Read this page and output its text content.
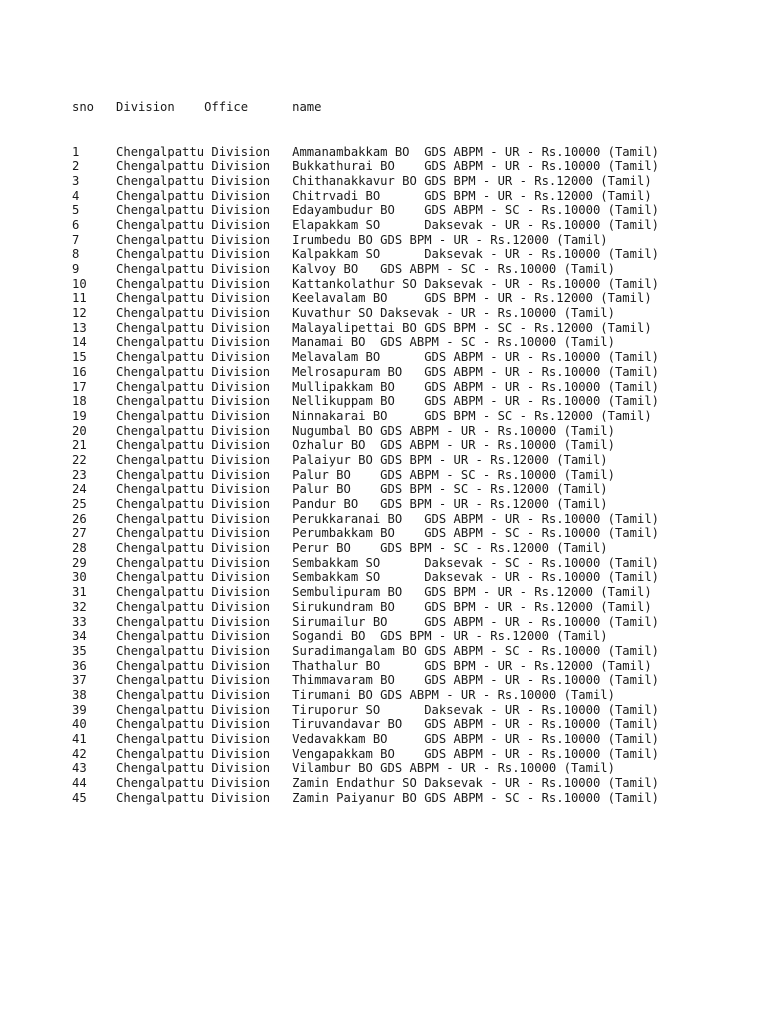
sno   Division    Office      name

1     Chengalpattu Division   Ammanambakkam BO  GDS ABPM - UR - Rs.10000 (Tamil)
2     Chengalpattu Division   Bukkathurai BO    GDS ABPM - UR - Rs.10000 (Tamil)
3     Chengalpattu Division   Chithanakkavur BO GDS BPM - UR - Rs.12000 (Tamil)
4     Chengalpattu Division   Chitrvadi BO      GDS BPM - UR - Rs.12000 (Tamil)
5     Chengalpattu Division   Edayambudur BO    GDS ABPM - SC - Rs.10000 (Tamil)
6     Chengalpattu Division   Elapakkam SO      Daksevak - UR - Rs.10000 (Tamil)
7     Chengalpattu Division   Irumbedu BO GDS BPM - UR - Rs.12000 (Tamil)
8     Chengalpattu Division   Kalpakkam SO      Daksevak - UR - Rs.10000 (Tamil)
9     Chengalpattu Division   Kalvoy BO   GDS ABPM - SC - Rs.10000 (Tamil)
10    Chengalpattu Division   Kattankolathur SO Daksevak - UR - Rs.10000 (Tamil)
11    Chengalpattu Division   Keelavalam BO     GDS BPM - UR - Rs.12000 (Tamil)
12    Chengalpattu Division   Kuvathur SO Daksevak - UR - Rs.10000 (Tamil)
13    Chengalpattu Division   Malayalipettai BO GDS BPM - SC - Rs.12000 (Tamil)
14    Chengalpattu Division   Manamai BO  GDS ABPM - SC - Rs.10000 (Tamil)
15    Chengalpattu Division   Melavalam BO      GDS ABPM - UR - Rs.10000 (Tamil)
16    Chengalpattu Division   Melrosapuram BO   GDS ABPM - UR - Rs.10000 (Tamil)
17    Chengalpattu Division   Mullipakkam BO    GDS ABPM - UR - Rs.10000 (Tamil)
18    Chengalpattu Division   Nellikuppam BO    GDS ABPM - UR - Rs.10000 (Tamil)
19    Chengalpattu Division   Ninnakarai BO     GDS BPM - SC - Rs.12000 (Tamil)
20    Chengalpattu Division   Nugumbal BO GDS ABPM - UR - Rs.10000 (Tamil)
21    Chengalpattu Division   Ozhalur BO  GDS ABPM - UR - Rs.10000 (Tamil)
22    Chengalpattu Division   Palaiyur BO GDS BPM - UR - Rs.12000 (Tamil)
23    Chengalpattu Division   Palur BO    GDS ABPM - SC - Rs.10000 (Tamil)
24    Chengalpattu Division   Palur BO    GDS BPM - SC - Rs.12000 (Tamil)
25    Chengalpattu Division   Pandur BO   GDS BPM - UR - Rs.12000 (Tamil)
26    Chengalpattu Division   Perukkaranai BO   GDS ABPM - UR - Rs.10000 (Tamil)
27    Chengalpattu Division   Perumbakkam BO    GDS ABPM - SC - Rs.10000 (Tamil)
28    Chengalpattu Division   Perur BO    GDS BPM - SC - Rs.12000 (Tamil)
29    Chengalpattu Division   Sembakkam SO      Daksevak - SC - Rs.10000 (Tamil)
30    Chengalpattu Division   Sembakkam SO      Daksevak - UR - Rs.10000 (Tamil)
31    Chengalpattu Division   Sembulipuram BO   GDS BPM - UR - Rs.12000 (Tamil)
32    Chengalpattu Division   Sirukundram BO    GDS BPM - UR - Rs.12000 (Tamil)
33    Chengalpattu Division   Sirumailur BO     GDS ABPM - UR - Rs.10000 (Tamil)
34    Chengalpattu Division   Sogandi BO  GDS BPM - UR - Rs.12000 (Tamil)
35    Chengalpattu Division   Suradimangalam BO GDS ABPM - SC - Rs.10000 (Tamil)
36    Chengalpattu Division   Thathalur BO      GDS BPM - UR - Rs.12000 (Tamil)
37    Chengalpattu Division   Thimmavaram BO    GDS ABPM - UR - Rs.10000 (Tamil)
38    Chengalpattu Division   Tirumani BO GDS ABPM - UR - Rs.10000 (Tamil)
39    Chengalpattu Division   Tiruporur SO      Daksevak - UR - Rs.10000 (Tamil)
40    Chengalpattu Division   Tiruvandavar BO   GDS ABPM - UR - Rs.10000 (Tamil)
41    Chengalpattu Division   Vedavakkam BO     GDS ABPM - UR - Rs.10000 (Tamil)
42    Chengalpattu Division   Vengapakkam BO    GDS ABPM - UR - Rs.10000 (Tamil)
43    Chengalpattu Division   Vilambur BO GDS ABPM - UR - Rs.10000 (Tamil)
44    Chengalpattu Division   Zamin Endathur SO Daksevak - UR - Rs.10000 (Tamil)
45    Chengalpattu Division   Zamin Paiyanur BO GDS ABPM - SC - Rs.10000 (Tamil)
